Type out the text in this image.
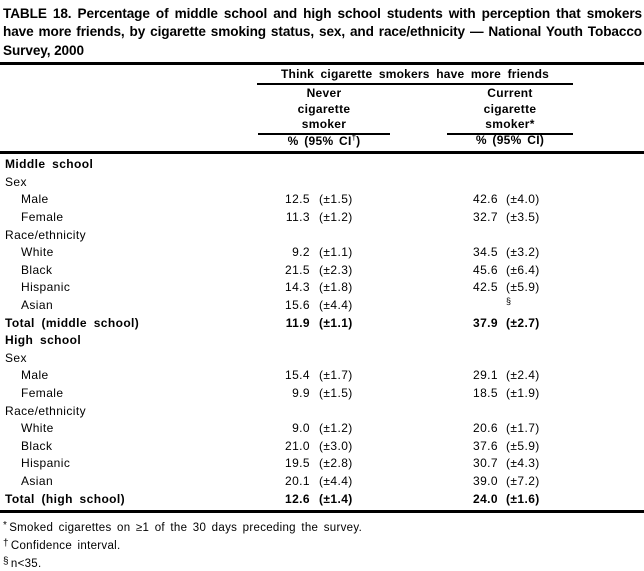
TABLE 18. Percentage of middle school and high school students with perception that smokers have more friends, by cigarette smoking status, sex, and race/ethnicity — National Youth Tobacco Survey, 2000
Think cigarette smokers have more friends
Never
cigarette
smoker
Current
cigarette
smoker*
% (95% CI†)	% (95% CI)
Middle school
Sex
Male	12.5 (±1.5)	42.6 (±4.0)
Female	11.3 (±1.2)	32.7 (±3.5)
Race/ethnicity
White	9.2 (±1.1)	34.5 (±3.2)
Black	21.5 (±2.3)	45.6 (±6.4)
Hispanic	14.3 (±1.8)	42.5 (±5.9)
Asian	15.6 (±4.4)	§
Total (middle school)	11.9 (±1.1)	37.9 (±2.7)
High school
Sex
Male	15.4 (±1.7)	29.1 (±2.4)
Female	9.9 (±1.5)	18.5 (±1.9)
Race/ethnicity
White	9.0 (±1.2)	20.6 (±1.7)
Black	21.0 (±3.0)	37.6 (±5.9)
Hispanic	19.5 (±2.8)	30.7 (±4.3)
Asian	20.1 (±4.4)	39.0 (±7.2)
Total (high school)	12.6 (±1.4)	24.0 (±1.6)
* Smoked cigarettes on ≥1 of the 30 days preceding the survey.
† Confidence interval.
§ n<35.
